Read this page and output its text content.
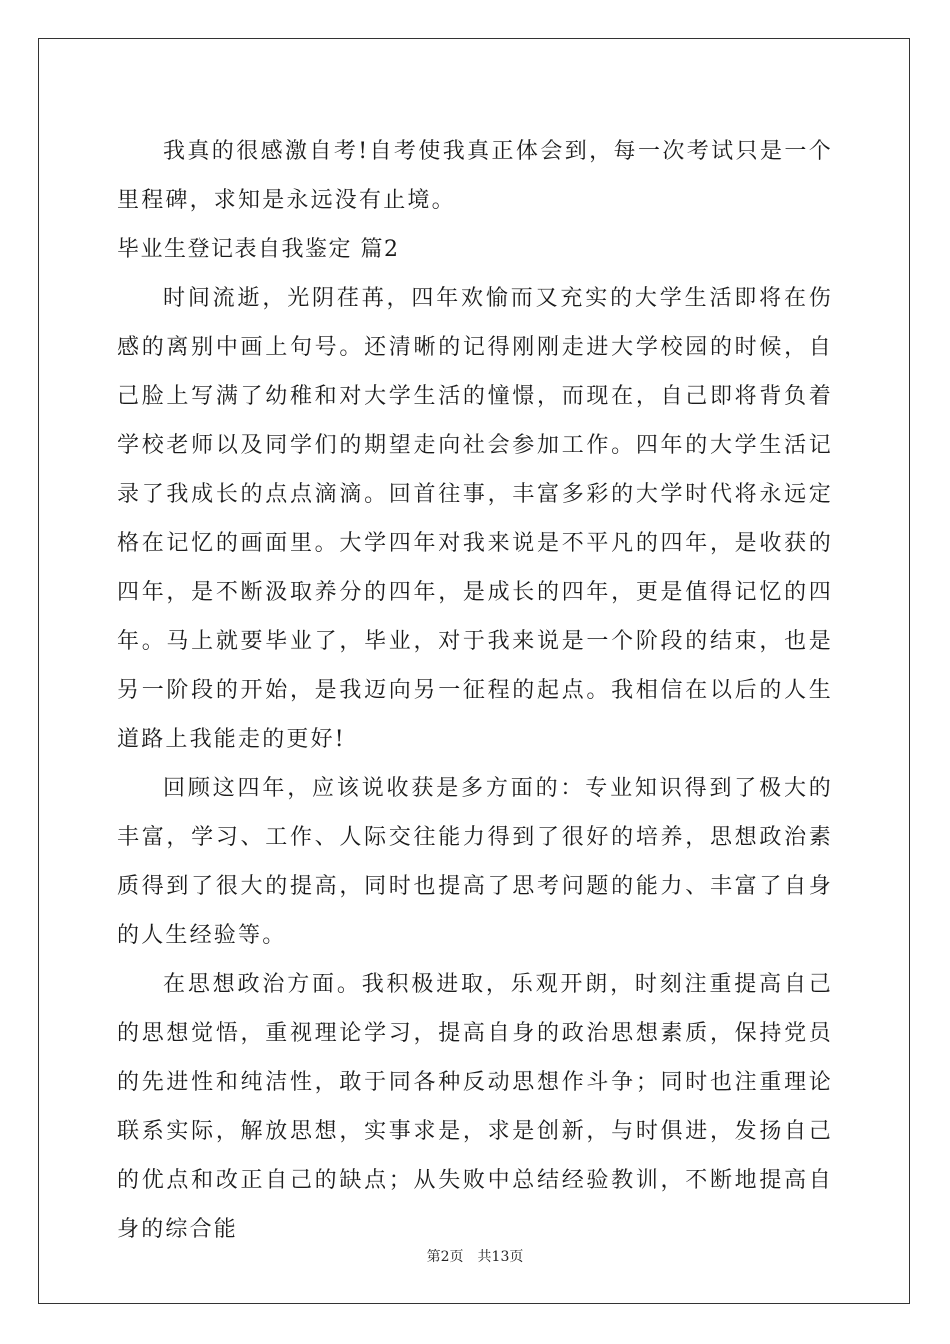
我真的很感激自考!自考使我真正体会到，每一次考试只是一个里程碑，求知是永远没有止境。

毕业生登记表自我鉴定 篇2

时间流逝，光阴荏苒，四年欢愉而又充实的大学生活即将在伤感的离别中画上句号。还清晰的记得刚刚走进大学校园的时候，自己脸上写满了幼稚和对大学生活的憧憬，而现在，自己即将背负着学校老师以及同学们的期望走向社会参加工作。四年的大学生活记录了我成长的点点滴滴。回首往事，丰富多彩的大学时代将永远定格在记忆的画面里。大学四年对我来说是不平凡的四年，是收获的四年，是不断汲取养分的四年，是成长的四年，更是值得记忆的四年。马上就要毕业了，毕业，对于我来说是一个阶段的结束，也是另一阶段的开始，是我迈向另一征程的起点。我相信在以后的人生道路上我能走的更好!

回顾这四年，应该说收获是多方面的：专业知识得到了极大的丰富，学习、工作、人际交往能力得到了很好的培养，思想政治素质得到了很大的提高，同时也提高了思考问题的能力、丰富了自身的人生经验等。

在思想政治方面。我积极进取，乐观开朗，时刻注重提高自己的思想觉悟，重视理论学习，提高自身的政治思想素质，保持党员的先进性和纯洁性，敢于同各种反动思想作斗争；同时也注重理论联系实际，解放思想，实事求是，求是创新，与时俱进，发扬自己的优点和改正自己的缺点；从失败中总结经验教训，不断地提高自身的综合能

第2页 共13页
